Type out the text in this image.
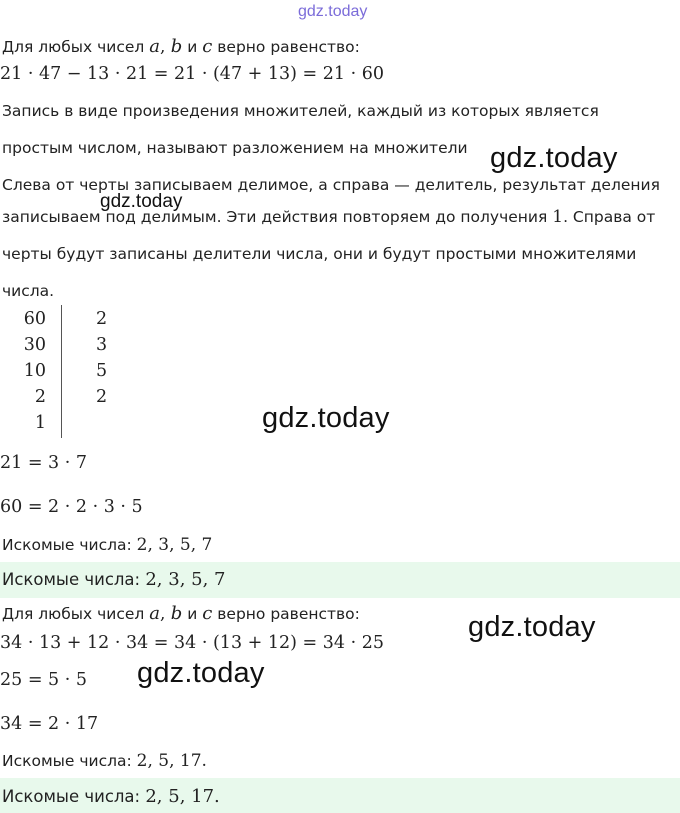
gdz.today
Для любых чисел a, b и c верно равенство:
21 · 47 − 13 · 21 = 21 · (47 + 13) = 21 · 60
Запись в виде произведения множителей, каждый из которых является
простым числом, называют разложением на множители gdz.today
Слева от черты записываем делимое, а справа — делитель, результат деления
записываем под делимым. Эти действия повторяем до получения 1. Справа от
черты будут записаны делители числа, они и будут простыми множителями
числа.
gdz.today
60
30
10
2
1
2
3
5
2
gdz.today
21 = 3 · 7
60 = 2 · 2 · 3 · 5
Искомые числа: 2, 3, 5, 7
Искомые числа: 2, 3, 5, 7
Для любых чисел a, b и c верно равенство:	gdz.today
34 · 13 + 12 · 34 = 34 · (13 + 12) = 34 · 25
25 = 5 · 5 gdz.today
34 = 2 · 17
Искомые числа: 2, 5, 17.
Искомые числа: 2, 5, 17.
